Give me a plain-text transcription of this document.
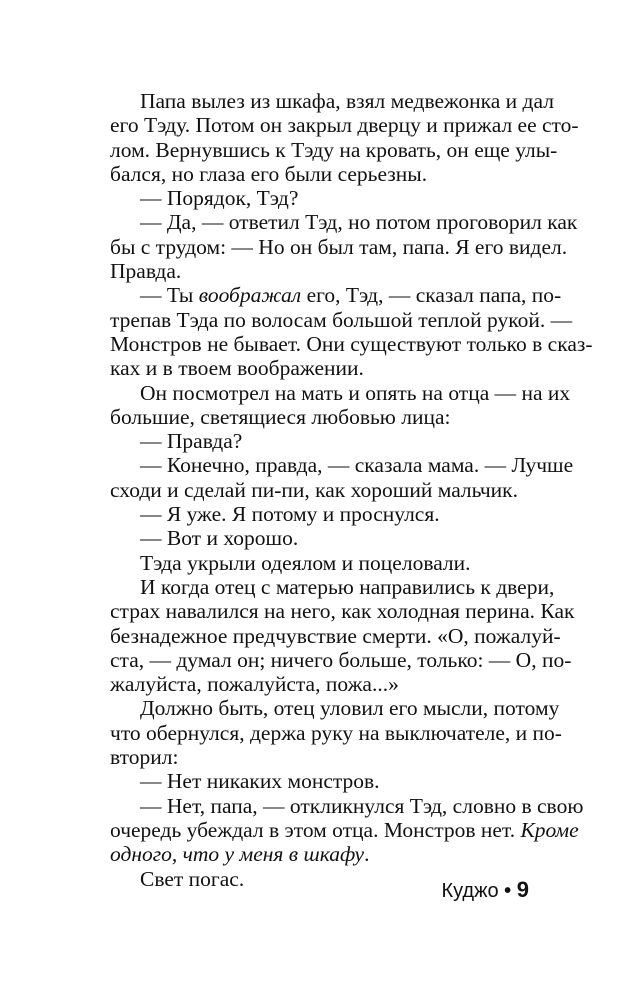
Папа вылез из шкафа, взял медвежонка и дал
его Тэду. Потом он закрыл дверцу и прижал ее сто-
лом. Вернувшись к Тэду на кровать, он еще улы-
бался, но глаза его были серьезны.
— Порядок, Тэд?
— Да, — ответил Тэд, но потом проговорил как
бы с трудом: — Но он был там, папа. Я его видел.
Правда.
— Ты воображал его, Тэд, — сказал папа, по-
трепав Тэда по волосам большой теплой рукой. —
Монстров не бывает. Они существуют только в сказ-
ках и в твоем воображении.
Он посмотрел на мать и опять на отца — на их
большие, светящиеся любовью лица:
— Правда?
— Конечно, правда, — сказала мама. — Лучше
сходи и сделай пи-пи, как хороший мальчик.
— Я уже. Я потому и проснулся.
— Вот и хорошо.
Тэда укрыли одеялом и поцеловали.
И когда отец с матерью направились к двери,
страх навалился на него, как холодная перина. Как
безнадежное предчувствие смерти. «О, пожалуй-
ста, — думал он; ничего больше, только: — О, по-
жалуйста, пожалуйста, пожа...»
Должно быть, отец уловил его мысли, потому
что обернулся, держа руку на выключателе, и по-
вторил:
— Нет никаких монстров.
— Нет, папа, — откликнулся Тэд, словно в свою
очередь убеждал в этом отца. Монстров нет. Кроме
одного, что у меня в шкафу.
Свет погас.
Куджо • 9
